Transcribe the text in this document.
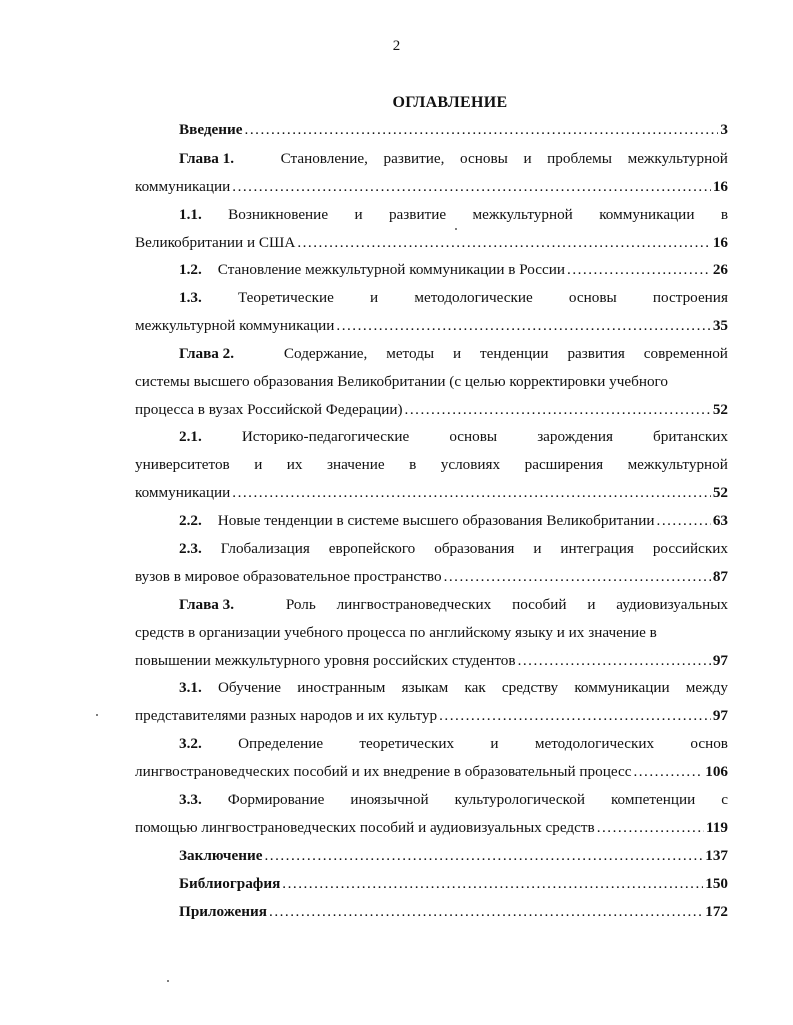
2
ОГЛАВЛЕНИЕ
Введение .....	3
Глава 1.	Становление, развитие, основы и проблемы межкультурной
коммуникации .....	16
1.1. Возникновение и развитие межкультурной коммуникации в
Великобритании и США .....	16
1.2. Становление межкультурной коммуникации в России .....	26
1.3. Теоретические и методологические основы построения
межкультурной коммуникации .....	35
Глава 2.	Содержание, методы и тенденции развития современной
системы высшего образования Великобритании (с целью корректировки учебного
процесса в вузах Российской Федерации) .....	52
2.1.	Историко-педагогические	основы	зарождения	британских
университетов и их значение в условиях расширения межкультурной
коммуникации .....	52
2.2. Новые тенденции в системе высшего образования Великобритании .....	63
2.3. Глобализация европейского образования и интеграция российских
вузов в мировое образовательное пространство .....	87
Глава 3.	Роль лингвострановедческих пособий и аудиовизуальных
средств в организации учебного процесса по английскому языку и их значение в
повышении межкультурного уровня российских студентов .....	97
3.1. Обучение иностранным языкам как средству коммуникации между
представителями разных народов и их культур .....	97
3.2. Определение теоретических и методологических основ
лингвострановедческих пособий и их внедрение в образовательный процесс .....	106
3.3. Формирование иноязычной культурологической компетенции с
помощью лингвострановедческих пособий и аудиовизуальных средств .....	119
Заключение .....	137
Библиография .....	150
Приложения .....	172
